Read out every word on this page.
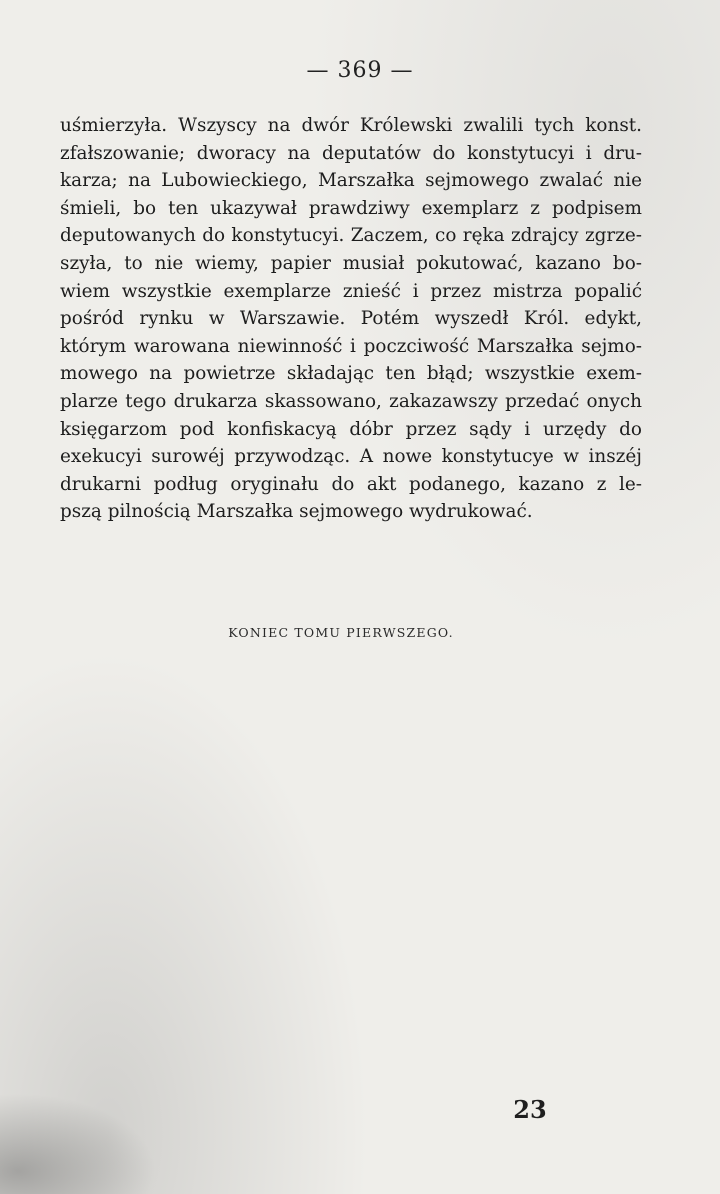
— 369 —
uśmierzyła. Wszyscy na dwór Królewski zwalili tych konst.
zfałszowanie; dworacy na deputatów do konstytucyi i dru-
karza; na Lubowieckiego, Marszałka sejmowego zwalać nie
śmieli, bo ten ukazywał prawdziwy exemplarz z podpisem
deputowanych do konstytucyi. Zaczem, co ręka zdrajcy zgrze-
szyła, to nie wiemy, papier musiał pokutować, kazano bo-
wiem wszystkie exemplarze znieść i przez mistrza popalić
pośród rynku w Warszawie. Potém wyszedł Król. edykt,
którym warowana niewinność i poczciwość Marszałka sejmo-
mowego na powietrze składając ten błąd; wszystkie exem-
plarze tego drukarza skassowano, zakazawszy przedać onych
księgarzom pod konfiskacyą dóbr przez sądy i urzędy do
exekucyi surowéj przywodząc. A nowe konstytucye w inszéj
drukarni podług oryginału do akt podanego, kazano z le-
pszą pilnością Marszałka sejmowego wydrukować.
KONIEC TOMU PIERWSZEGO.
23
